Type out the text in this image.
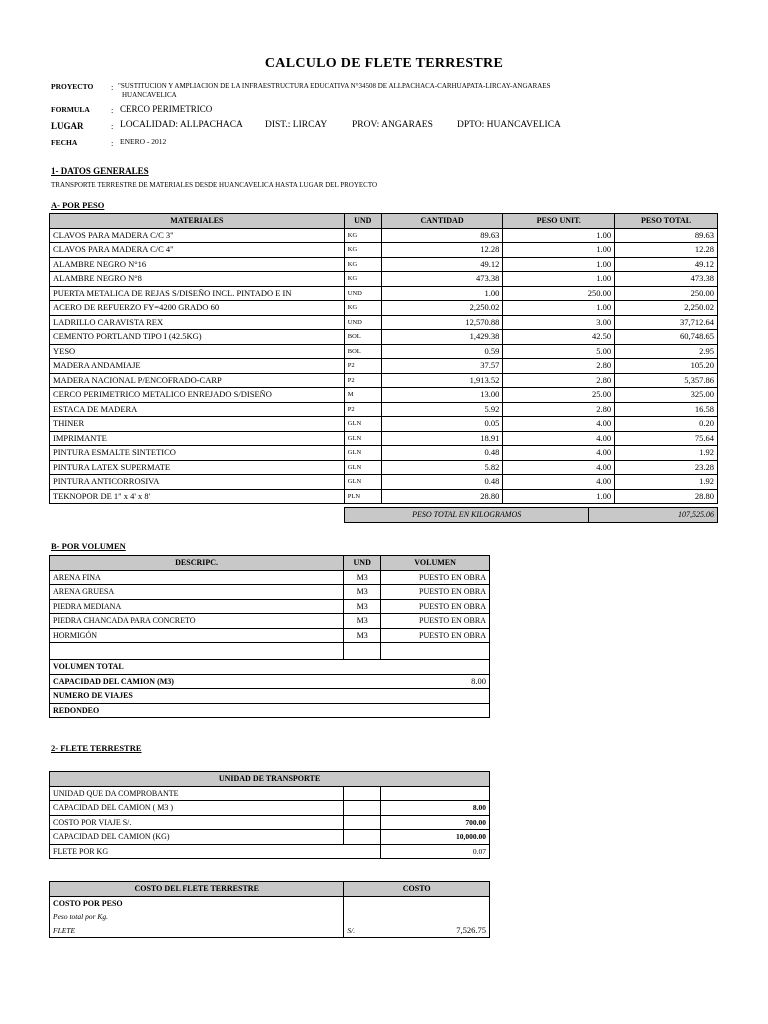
CALCULO DE FLETE TERRESTRE
PROYECTO : "SUSTITUCION Y AMPLIACION DE LA INFRAESTRUCTURA EDUCATIVA N°34508 DE ALLPACHACA-CARHUAPATA-LIRCAY-ANGARAES
HUANCAVELICA
FORMULA	: CERCO PERIMETRICO
LUGAR	: LOCALIDAD: ALLPACHACA DIST.: LIRCAY	PROV: ANGARAES	DPTO: HUANCAVELICA
FECHA	: ENERO - 2012
1- DATOS GENERALES
TRANSPORTE TERRESTRE DE MATERIALES DESDE HUANCAVELICA HASTA LUGAR DEL PROYECTO
A- POR PESO
MATERIALES	UND	CANTIDAD	PESO UNIT.	PESO TOTAL
CLAVOS PARA MADERA C/C 3"	KG	89.63	1.00	89.63
CLAVOS PARA MADERA C/C 4"	KG	12.28	1.00	12.28
ALAMBRE NEGRO N°16	KG	49.12	1.00	49.12
ALAMBRE NEGRO N°8	KG	473.38	1.00	473.38
PUERTA METALICA DE REJAS S/DISEÑO INCL. PINTADO E IN	UND	1.00	250.00	250.00
ACERO DE REFUERZO FY=4200 GRADO 60	KG	2,250.02	1.00	2,250.02
LADRILLO CARAVISTA REX	UND	12,570.88	3.00	37,712.64
CEMENTO PORTLAND TIPO I (42.5KG)	BOL	1,429.38	42.50	60,748.65
YESO	BOL	0.59	5.00	2.95
MADERA ANDAMIAJE	P2	37.57	2.80	105.20
MADERA NACIONAL P/ENCOFRADO-CARP	P2	1,913.52	2.80	5,357.86
CERCO PERIMETRICO METALICO ENREJADO S/DISEÑO	M	13.00	25.00	325.00
ESTACA DE MADERA	P2	5.92	2.80	16.58
THINER	GLN	0.05	4.00	0.20
IMPRIMANTE	GLN	18.91	4.00	75.64
PINTURA ESMALTE SINTETICO	GLN	0.48	4.00	1.92
PINTURA LATEX SUPERMATE	GLN	5.82	4.00	23.28
PINTURA ANTICORROSIVA	GLN	0.48	4.00	1.92
TEKNOPOR DE 1" x 4' x 8'	PLN	28.80	1.00	28.80
PESO TOTAL EN KILOGRAMOS	107,525.06
B- POR VOLUMEN
DESCRIPC.	UND	VOLUMEN
ARENA FINA	M3	PUESTO EN OBRA
ARENA GRUESA	M3	PUESTO EN OBRA
PIEDRA MEDIANA	M3	PUESTO EN OBRA
PIEDRA CHANCADA PARA CONCRETO	M3	PUESTO EN OBRA
HORMIGÓN	M3	PUESTO EN OBRA

VOLUMEN TOTAL		
CAPACIDAD DEL CAMION (M3)		8.00
NUMERO DE VIAJES		
REDONDEO		
2- FLETE TERRESTRE
UNIDAD DE TRANSPORTE		
UNIDAD QUE DA COMPROBANTE		
CAPACIDAD DEL CAMION ( M3 )		8.00
COSTO POR VIAJE S/.		700.00
CAPACIDAD DEL CAMION (KG)		10,000.00
FLETE POR KG		0.07
COSTO DEL FLETE TERRESTRE	COSTO
COSTO POR PESO	
Peso total por Kg.	
FLETE	S/. 7,526.75
